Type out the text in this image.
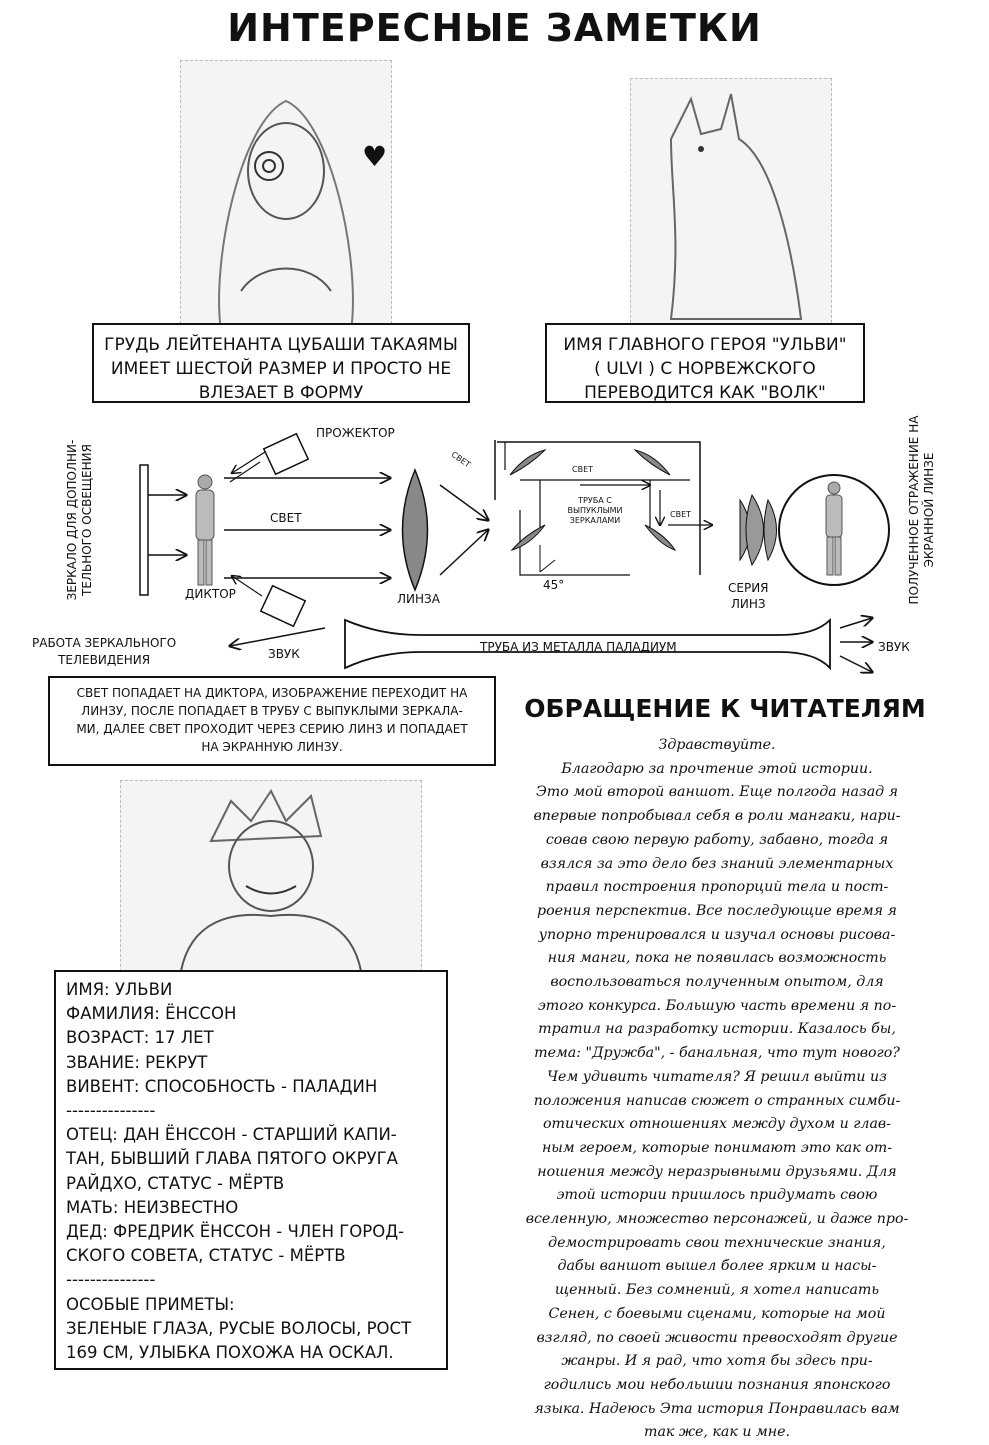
ИНТЕРЕСНЫЕ ЗАМЕТКИ
♥
ГРУДЬ ЛЕЙТЕНАНТА ЦУБАШИ ТАКАЯМЫ
ИМЕЕТ ШЕСТОЙ РАЗМЕР И ПРОСТО НЕ
ВЛЕЗАЕТ В ФОРМУ
ИМЯ ГЛАВНОГО ГЕРОЯ "УЛЬВИ"
( ULVI ) С НОРВЕЖСКОГО
ПЕРЕВОДИТСЯ КАК "ВОЛК"
ЗЕРКАЛО ДЛЯ ДОПОЛНИ- ТЕЛЬНОГО ОСВЕЩЕНИЯ
ПРОЖЕКТОР
СВЕТ
ДИКТОР	ЛИНЗА
СВЕТ
СВЕТ
ТРУБА С
ВЫПУКЛЫМИ
ЗЕРКАЛАМИ
СВЕТ
45°	СЕРИЯ
ЛИНЗ	ПОЛУЧЕННОЕ ОТРАЖЕНИЕ НА ЭКРАННОЙ ЛИНЗЕ
РАБОТА ЗЕРКАЛЬНОГО
ТЕЛЕВИДЕНИЯ	ЗВУК	ТРУБА ИЗ МЕТАЛЛА ПАЛАДИУМ	ЗВУК
СВЕТ ПОПАДАЕТ НА ДИКТОРА, ИЗОБРАЖЕНИЕ ПЕРЕХОДИТ НА
ЛИНЗУ, ПОСЛЕ ПОПАДАЕТ В ТРУБУ С ВЫПУКЛЫМИ ЗЕРКАЛА-
МИ, ДАЛЕЕ СВЕТ ПРОХОДИТ ЧЕРЕЗ СЕРИЮ ЛИНЗ И ПОПАДАЕТ
НА ЭКРАННУЮ ЛИНЗУ.
ИМЯ: УЛЬВИ
ФАМИЛИЯ: ЁНССОН
ВОЗРАСТ: 17 ЛЕТ
ЗВАНИЕ: РЕКРУТ
ВИВЕНТ: СПОСОБНОСТЬ - ПАЛАДИН
---------------
ОТЕЦ: ДАН ЁНССОН - СТАРШИЙ КАПИ-
ТАН, БЫВШИЙ ГЛАВА ПЯТОГО ОКРУГА
РАЙДХО, СТАТУС - МЁРТВ
МАТЬ: НЕИЗВЕСТНО
ДЕД: ФРЕДРИК ЁНССОН - ЧЛЕН ГОРОД-
СКОГО СОВЕТА, СТАТУС - МЁРТВ
---------------
ОСОБЫЕ ПРИМЕТЫ:
ЗЕЛЕНЫЕ ГЛАЗА, РУСЫЕ ВОЛОСЫ, РОСТ
169 СМ, УЛЫБКА ПОХОЖА НА ОСКАЛ.
ОБРАЩЕНИЕ К ЧИТАТЕЛЯМ
Здравствуйте.
Благодарю за прочтение этой истории.
Это мой второй ваншот. Еще полгода назад я
впервые попробывал себя в роли мангаки, нари-
совав свою первую работу, забавно, тогда я
взялся за это дело без знаний элементарных
правил построения пропорций тела и пост-
роения перспектив. Все последующие время я
упорно тренировался и изучал основы рисова-
ния манги, пока не появилась возможность
воспользоваться полученным опытом, для
этого конкурса. Большую часть времени я по-
тратил на разработку истории. Казалось бы,
тема: "Дружба", - банальная, что тут нового?
Чем удивить читателя? Я решил выйти из
положения написав сюжет о странных симби-
отических отношениях между духом и глав-
ным героем, которые понимают это как от-
ношения между неразрывными друзьями. Для
этой истории пришлось придумать свою
вселенную, множество персонажей, и даже про-
демострировать свои технические знания,
дабы ваншот вышел более ярким и насы-
щенный. Без сомнений, я хотел написать
Сенен, с боевыми сценами, которые на мой
взгляд, по своей живости превосходят другие
жанры. И я рад, что хотя бы здесь при-
годились мои небольшии познания японского
языка. Надеюсь Эта история Понравилась вам
так же, как и мне.
